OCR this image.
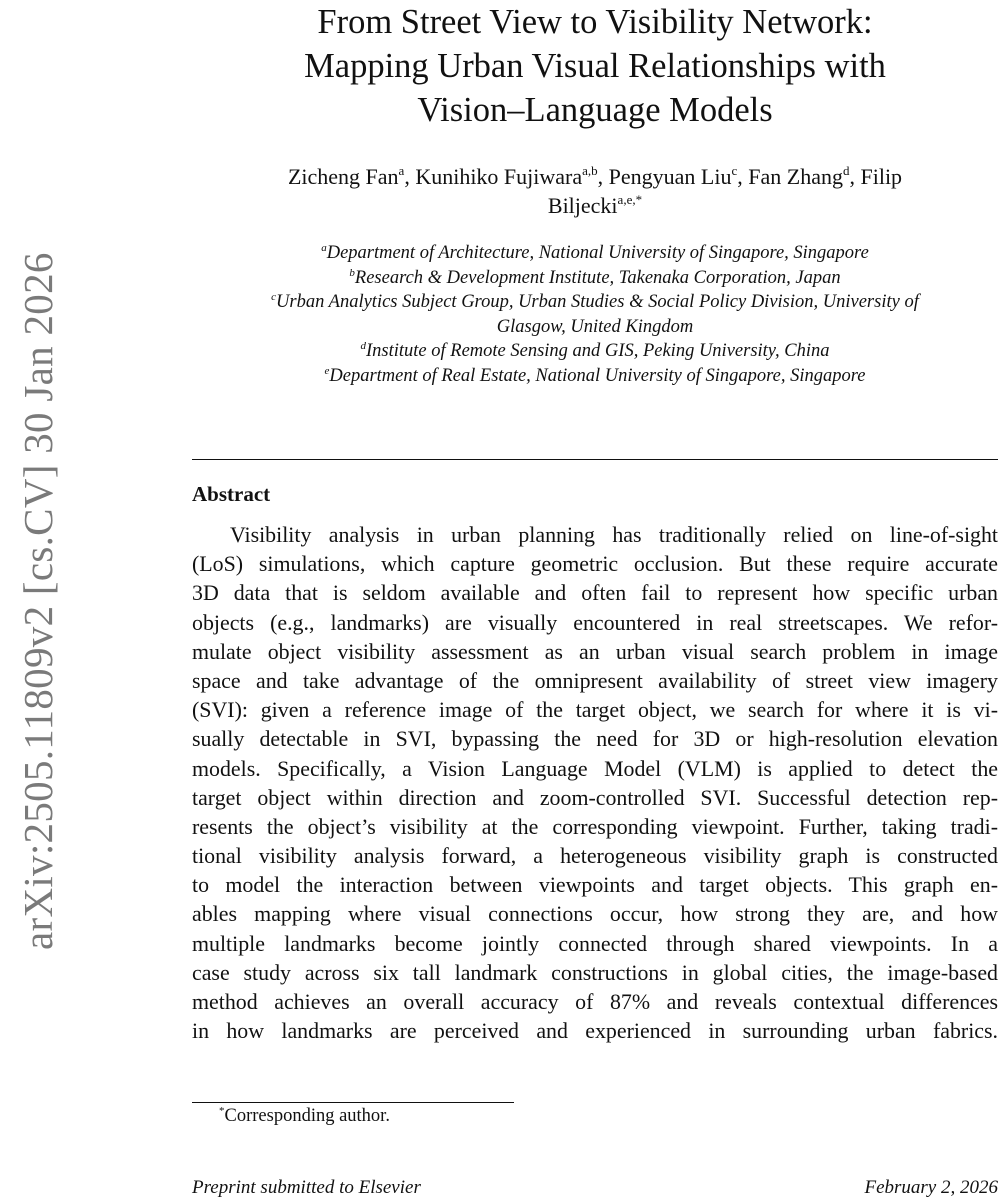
arXiv:2505.11809v2 [cs.CV] 30 Jan 2026
From Street View to Visibility Network:
Mapping Urban Visual Relationships with
Vision–Language Models
Zicheng Fan$^a$, Kunihiko Fujiwara$^{a,b}$, Pengyuan Liu$^c$, Fan Zhang$^d$, Filip
Biljecki$^{a,e,*}$
$^a$Department of Architecture, National University of Singapore, Singapore
$^b$Research & Development Institute, Takenaka Corporation, Japan
$^c$Urban Analytics Subject Group, Urban Studies & Social Policy Division, University of
Glasgow, United Kingdom
$^d$Institute of Remote Sensing and GIS, Peking University, China
$^e$Department of Real Estate, National University of Singapore, Singapore
Abstract
Visibility analysis in urban planning has traditionally relied on line-of-sight
(LoS) simulations, which capture geometric occlusion. But these require accurate
3D data that is seldom available and often fail to represent how specific urban
objects (e.g., landmarks) are visually encountered in real streetscapes. We refor-
mulate object visibility assessment as an urban visual search problem in image
space and take advantage of the omnipresent availability of street view imagery
(SVI): given a reference image of the target object, we search for where it is vi-
sually detectable in SVI, bypassing the need for 3D or high-resolution elevation
models. Specifically, a Vision Language Model (VLM) is applied to detect the
target object within direction and zoom-controlled SVI. Successful detection rep-
resents the object’s visibility at the corresponding viewpoint. Further, taking tradi-
tional visibility analysis forward, a heterogeneous visibility graph is constructed
to model the interaction between viewpoints and target objects. This graph en-
ables mapping where visual connections occur, how strong they are, and how
multiple landmarks become jointly connected through shared viewpoints. In a
case study across six tall landmark constructions in global cities, the image-based
method achieves an overall accuracy of 87% and reveals contextual differences
in how landmarks are perceived and experienced in surrounding urban fabrics.
*Corresponding author.
Preprint submitted to Elsevier	February 2, 2026
